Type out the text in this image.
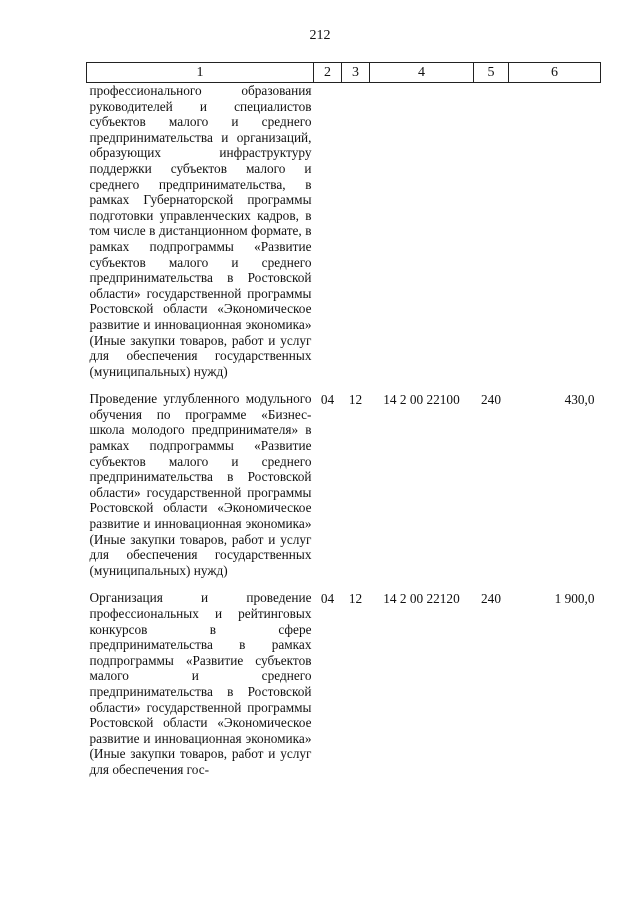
212
1	2	3	4	5	6
профессионального образования руководителей и специалистов субъектов малого и среднего предпринимательства и организаций, образующих инфраструктуру поддержки субъектов малого и среднего предпринимательства, в рамках Губернаторской программы подготовки управленческих кадров, в том числе в дистанционном формате, в рамках подпрограммы «Развитие субъектов малого и среднего предпринимательства в Ростовской области» государственной программы Ростовской области «Экономическое развитие и инновационная экономика» (Иные закупки товаров, работ и услуг для обеспечения государственных (муниципальных) нужд)					

Проведение углубленного модульного обучения по программе «Бизнес-школа молодого предпринимателя» в рамках подпрограммы «Развитие субъектов малого и среднего предпринимательства в Ростовской области» государственной программы Ростовской области «Экономическое развитие и инновационная экономика» (Иные закупки товаров, работ и услуг для обеспечения государственных (муниципальных) нужд)	04	12	14 2 00 22100	240	430,0

Организация и проведение профессиональных и рейтинговых конкурсов в сфере предпринимательства в рамках подпрограммы «Развитие субъектов малого и среднего предпринимательства в Ростовской области» государственной программы Ростовской области «Экономическое развитие и инновационная экономика» (Иные закупки товаров, работ и услуг для обеспечения гос-	04	12	14 2 00 22120	240	1 900,0
